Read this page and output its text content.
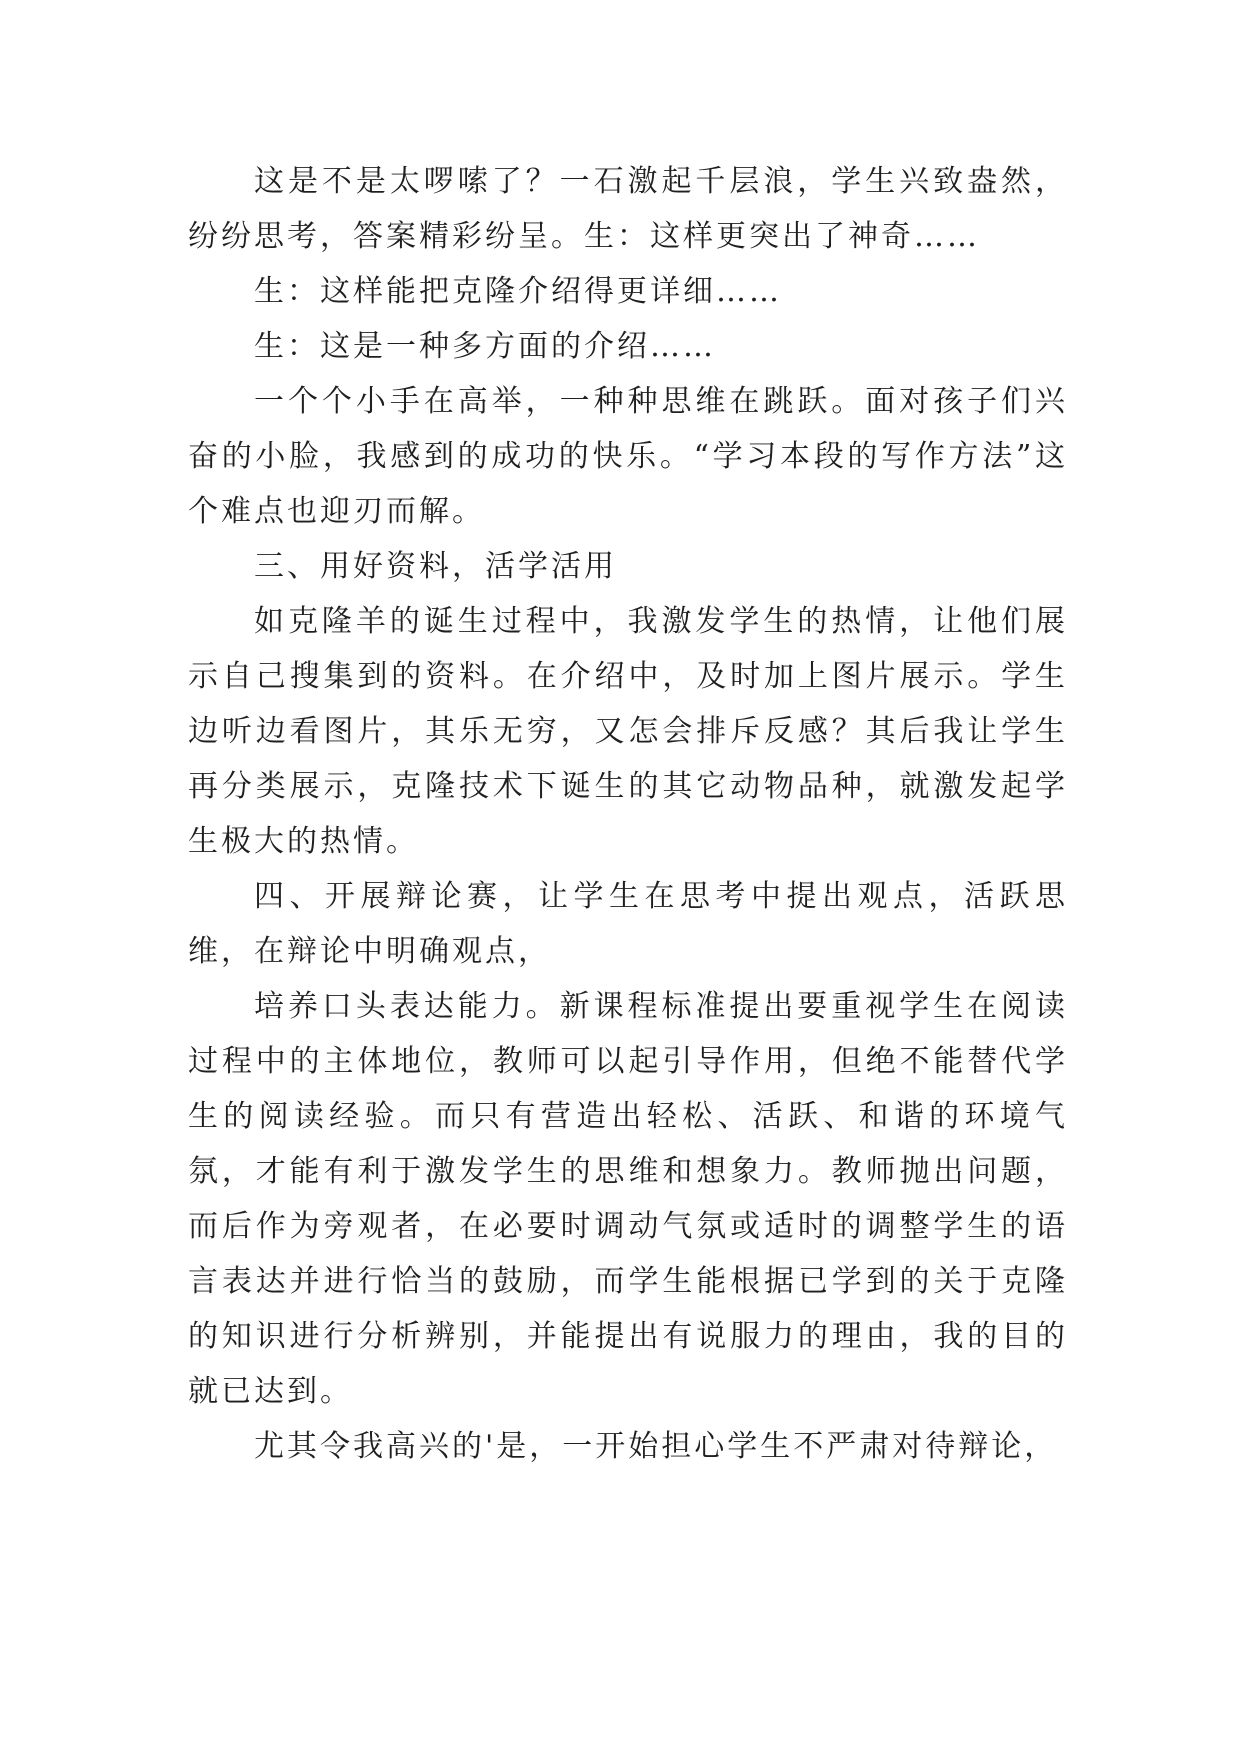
这是不是太啰嗦了？一石激起千层浪，学生兴致盎然，纷纷思考，答案精彩纷呈。生：这样更突出了神奇……

生：这样能把克隆介绍得更详细……

生：这是一种多方面的介绍……

一个个小手在高举，一种种思维在跳跃。面对孩子们兴奋的小脸，我感到的成功的快乐。“学习本段的写作方法”这个难点也迎刃而解。

三、用好资料，活学活用

如克隆羊的诞生过程中，我激发学生的热情，让他们展示自己搜集到的资料。在介绍中，及时加上图片展示。学生边听边看图片，其乐无穷，又怎会排斥反感？其后我让学生再分类展示，克隆技术下诞生的其它动物品种，就激发起学生极大的热情。

四、开展辩论赛，让学生在思考中提出观点，活跃思维，在辩论中明确观点，

培养口头表达能力。新课程标准提出要重视学生在阅读过程中的主体地位，教师可以起引导作用，但绝不能替代学生的阅读经验。而只有营造出轻松、活跃、和谐的环境气氛，才能有利于激发学生的思维和想象力。教师抛出问题，而后作为旁观者，在必要时调动气氛或适时的调整学生的语言表达并进行恰当的鼓励，而学生能根据已学到的关于克隆的知识进行分析辨别，并能提出有说服力的理由，我的目的就已达到。

尤其令我高兴的'是，一开始担心学生不严肃对待辩论，
